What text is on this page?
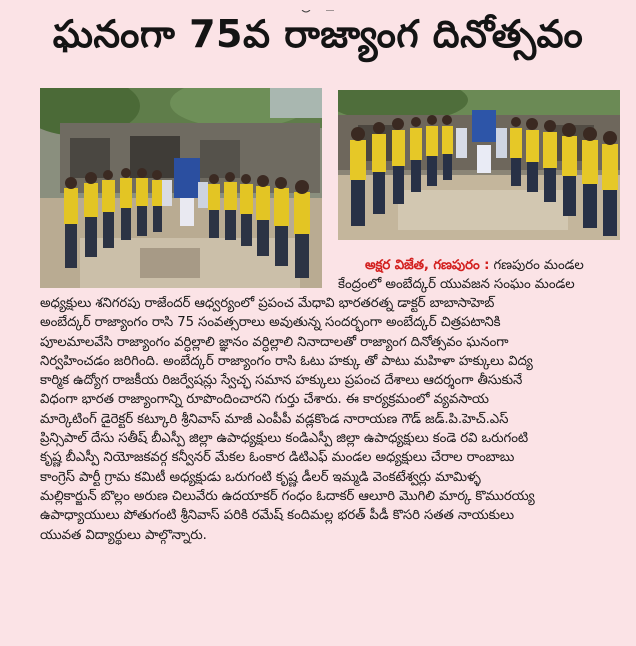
ఘనంగా 75వ రాజ్యాంగ దినోత్సవం
అక్షర విజేత, గణపురం : గణపురం మండల
కేంద్రంలో అంబేద్కర్ యువజన సంఘం మండల
అధ్యక్షులు శనిగరపు రాజేందర్ ఆధ్వర్యంలో ప్రపంచ మేధావి భారతరత్న డాక్టర్ బాబాసాహెబ్
అంబేద్కర్ రాజ్యాంగం రాసి 75 సంవత్సరాలు అవుతున్న సందర్భంగా అంబేద్కర్ చిత్రపటానికి
పూలమాలవేసి రాజ్యాంగం వర్ధిల్లాలి జ్ఞానం వర్ధిల్లాలి నినాదాలతో రాజ్యాంగ దినోత్సవం ఘనంగా
నిర్వహించడం జరిగింది. అంబేద్కర్ రాజ్యాంగం రాసి ఓటు హక్కు తో పాటు మహిళా హక్కులు విద్య
కార్మిక ఉద్యోగ రాజకీయ రిజర్వేషన్లు స్వేచ్ఛ సమాన హక్కులు ప్రపంచ దేశాలు ఆదర్శంగా తీసుకునే
విధంగా భారత రాజ్యాంగాన్ని రూపొందించారని గుర్తు చేశారు. ఈ కార్యక్రమంలో వ్యవసాయ
మార్కెటింగ్ డైరెక్టర్ కట్కూరి శ్రీనివాస్ మాజీ ఎంపీపీ వడ్లకొండ నారాయణ గౌడ్ జడ్.పి.హెచ్.ఎస్
ప్రిన్సిపాల్ దేసు సతీష్ బీఎస్పీ జిల్లా ఉపాధ్యక్షులు కండిఎస్పీ జిల్లా ఉపాధ్యక్షులు కండె రవి ఒరుగంటి
కృష్ణ బీఎస్పీ నియోజకవర్గ కన్వీనర్ మేకల ఓంకార డిటిఎఫ్ మండల అధ్యక్షులు చేరాల రాంబాబు
కాంగ్రెస్ పార్టీ గ్రామ కమిటీ అధ్యక్షుడు ఒరుగంటి కృష్ణ డీలర్ ఇమ్మడి వెంకటేశ్వర్లు మామిళ్ళ
మల్లికార్జున్ బొల్లం అరుణ చిలువేరు ఉదయాకర్ గంధం ఓదాకర్ ఆలూరి మొగిలి మార్క కొమురయ్య
ఉపాధ్యాయులు పోతుగంటి శ్రీనివాస్ పరికి రమేష్ కందిమల్ల భరత్ పీడీ కొసరి సతత నాయకులు
యువత విద్యార్థులు పాల్గొన్నారు.
